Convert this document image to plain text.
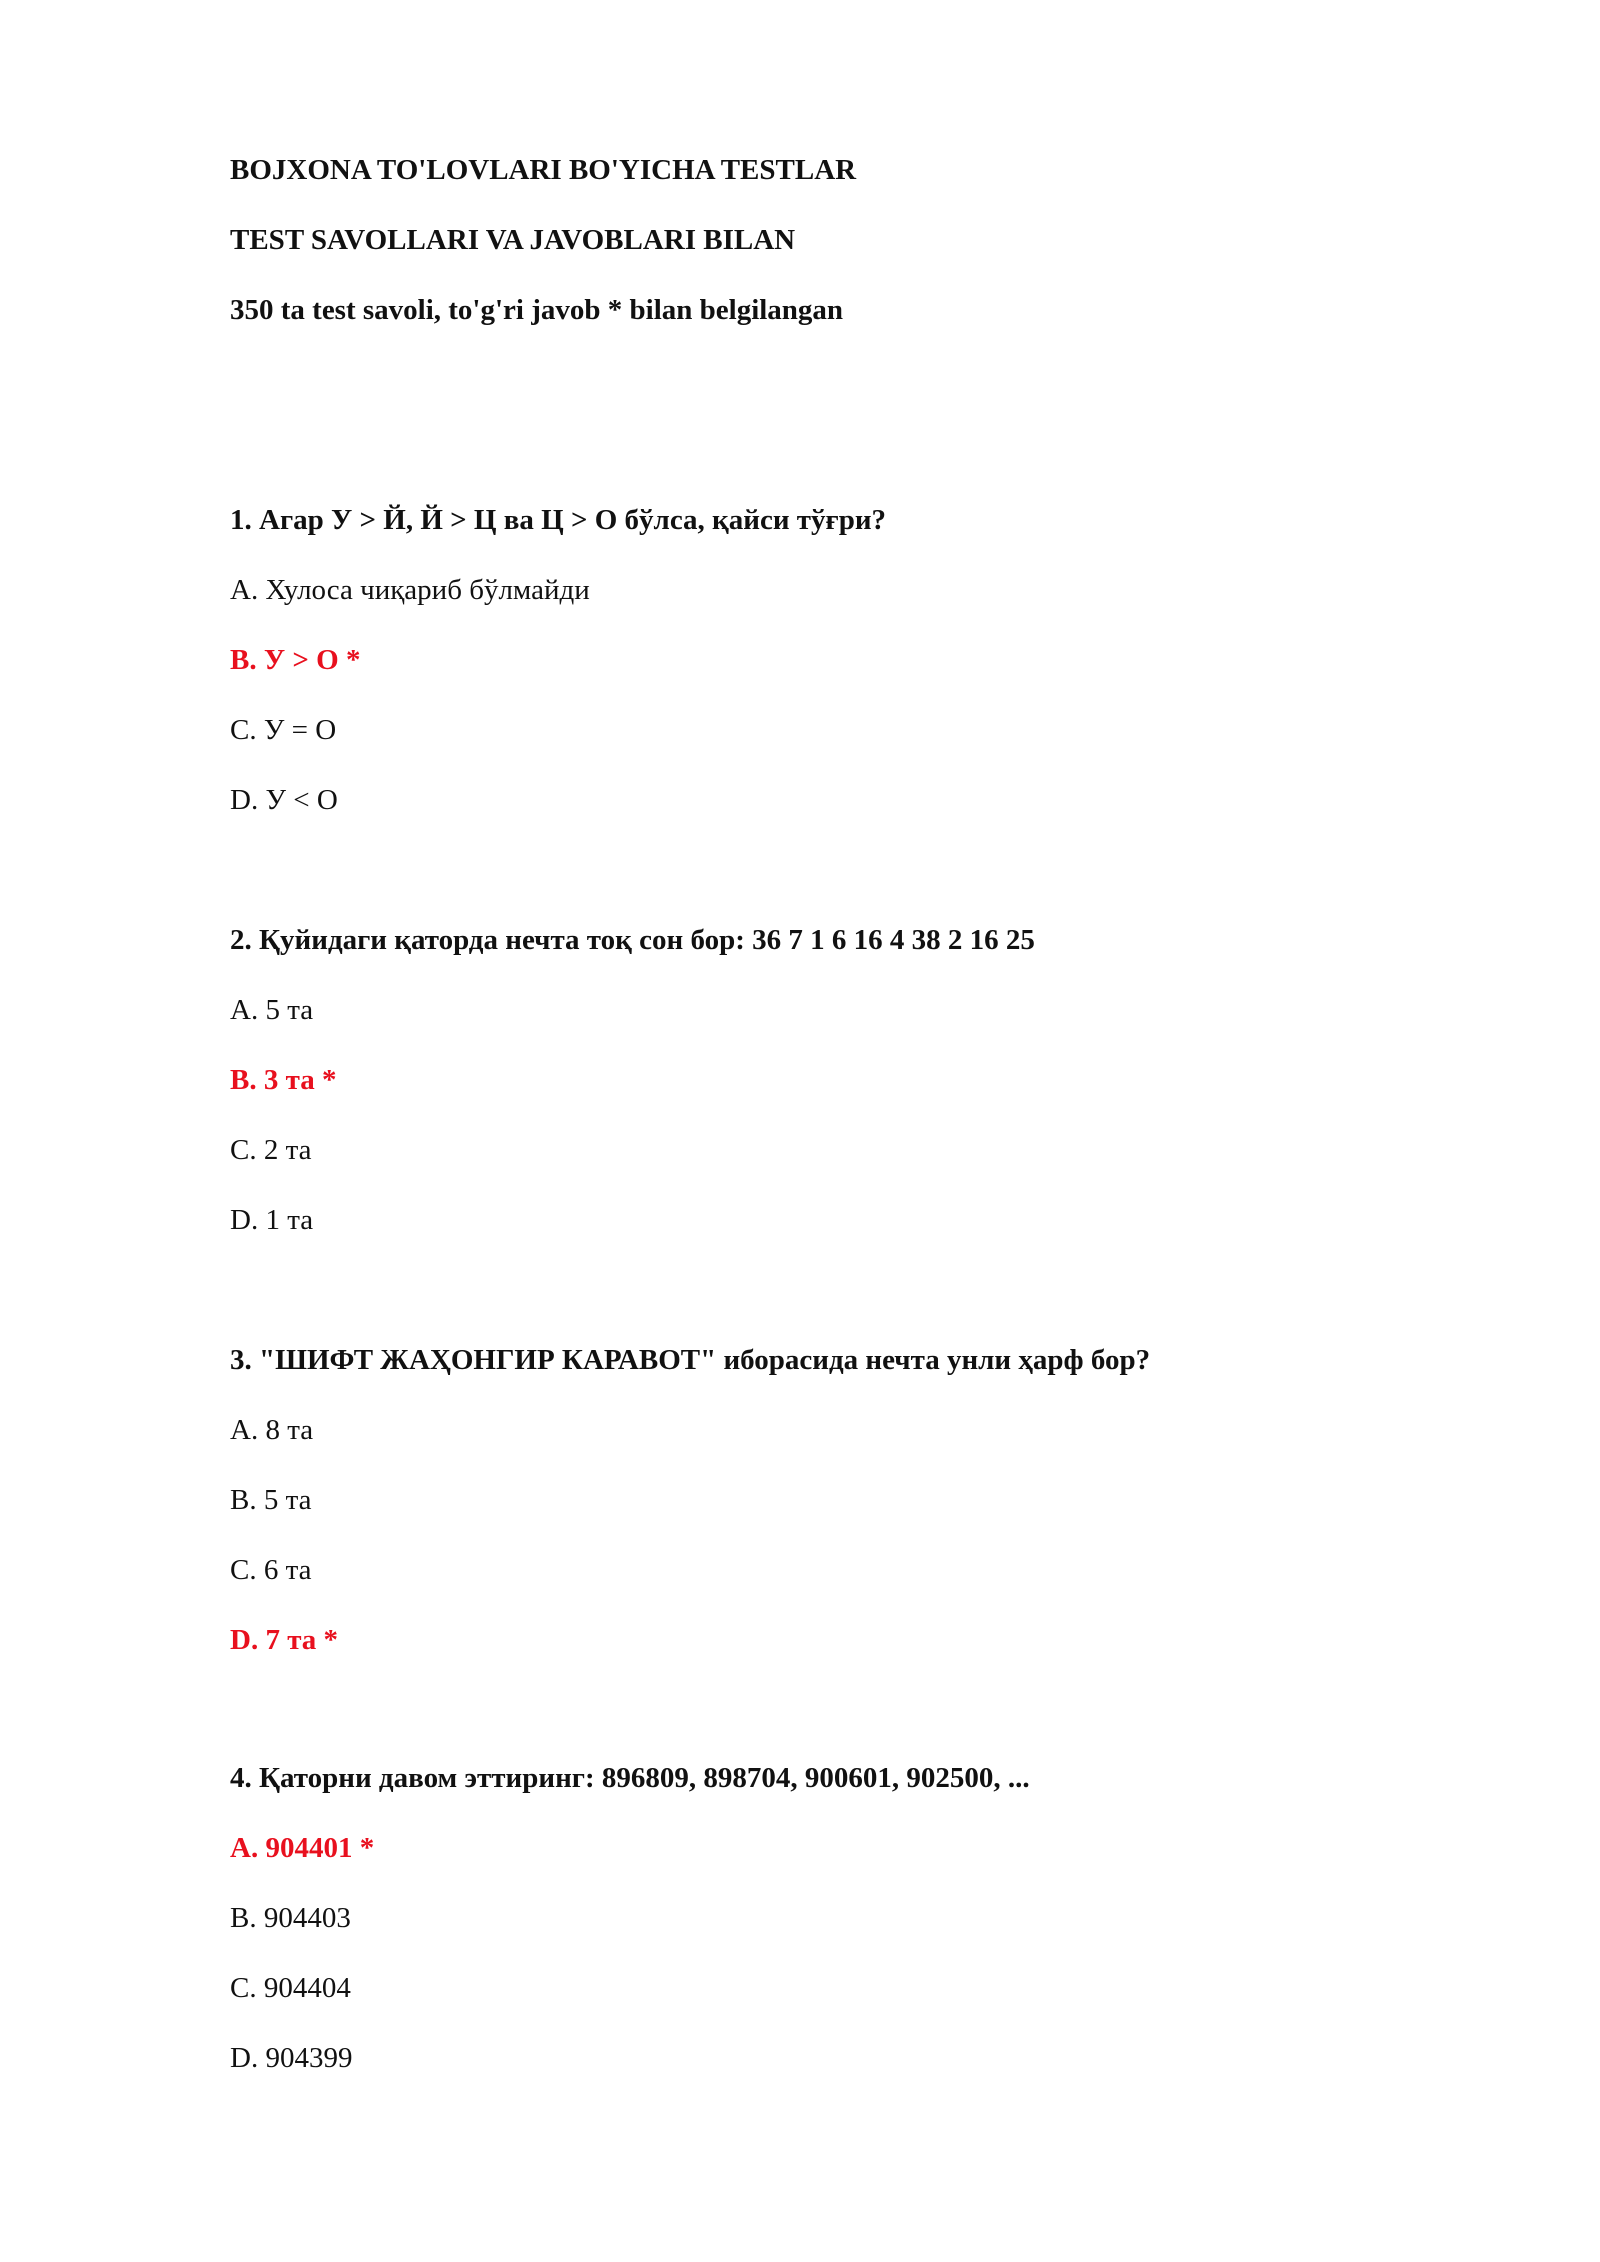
BOJXONA TO'LOVLARI BO'YICHA TESTLAR
TEST SAVOLLARI VA JAVOBLARI BILAN
350 ta test savoli, to'g'ri javob * bilan belgilangan
1. Агар У > Й, Й > Ц ва Ц > О бўлса, қайси тўғри?
A. Хулоса чиқариб бўлмайди
B. У > О *
C. У = О
D. У < О
2. Қуйидаги қаторда нечта тоқ сон бор: 36 7 1 6 16 4 38 2 16 25
A. 5 та
B. 3 та *
C. 2 та
D. 1 та
3. "ШИФТ ЖАҲОНГИР КАРАВОТ" иборасида нечта унли ҳарф бор?
A. 8 та
B. 5 та
C. 6 та
D. 7 та *
4. Қаторни давом эттиринг: 896809, 898704, 900601, 902500, ...
A. 904401 *
B. 904403
C. 904404
D. 904399
